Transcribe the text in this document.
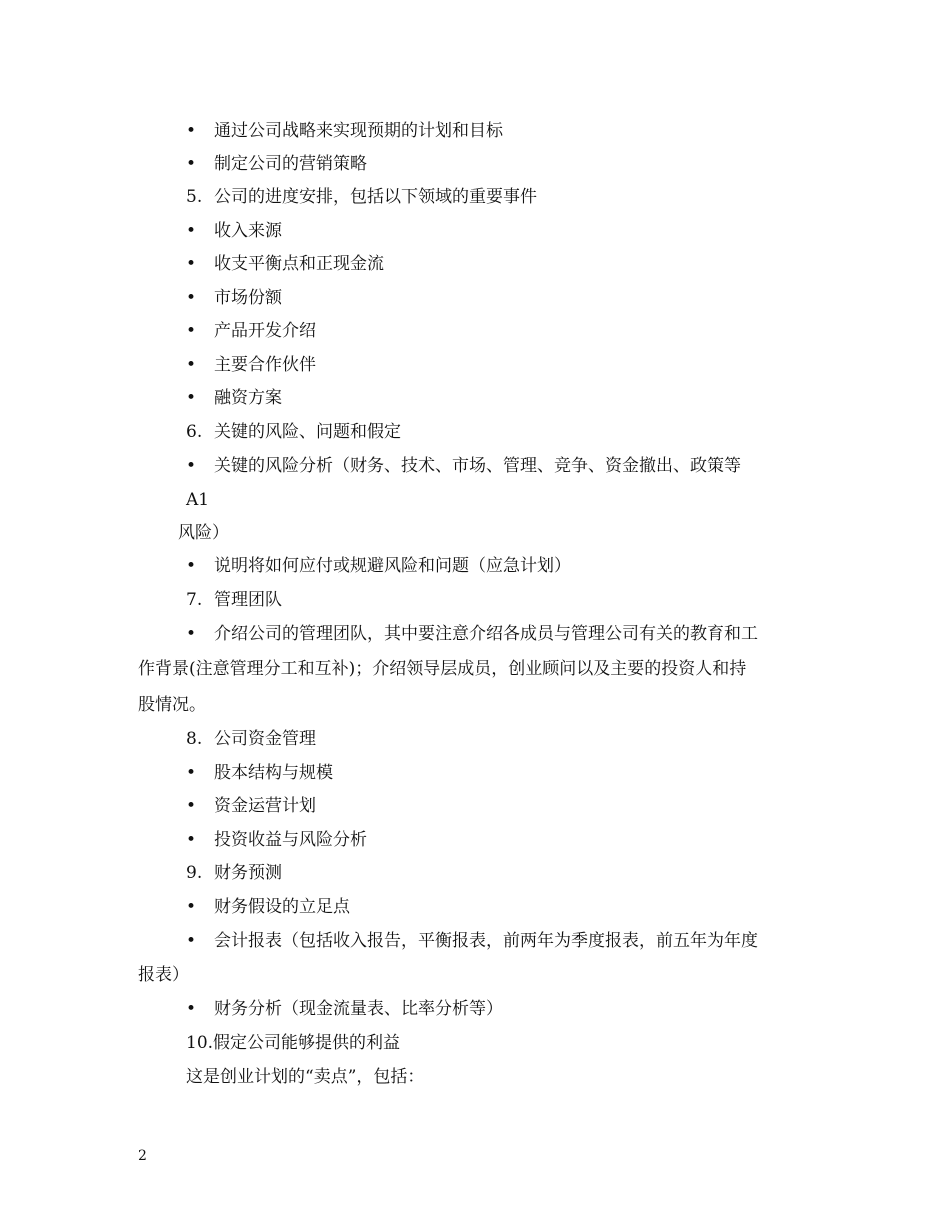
• 通过公司战略来实现预期的计划和目标
• 制定公司的营销策略
5. 公司的进度安排，包括以下领域的重要事件
• 收入来源
• 收支平衡点和正现金流
• 市场份额
• 产品开发介绍
• 主要合作伙伴
• 融资方案
6. 关键的风险、问题和假定
• 关键的风险分析（财务、技术、市场、管理、竞争、资金撤出、政策等
A1
风险）
• 说明将如何应付或规避风险和问题（应急计划）
7. 管理团队
• 介绍公司的管理团队，其中要注意介绍各成员与管理公司有关的教育和工
作背景(注意管理分工和互补)；介绍领导层成员，创业顾问以及主要的投资人和持
股情况。
8. 公司资金管理
• 股本结构与规模
• 资金运营计划
• 投资收益与风险分析
9. 财务预测
• 财务假设的立足点
• 会计报表（包括收入报告，平衡报表，前两年为季度报表，前五年为年度
报表）
• 财务分析（现金流量表、比率分析等）
10.假定公司能够提供的利益
这是创业计划的“卖点”，包括：
2
